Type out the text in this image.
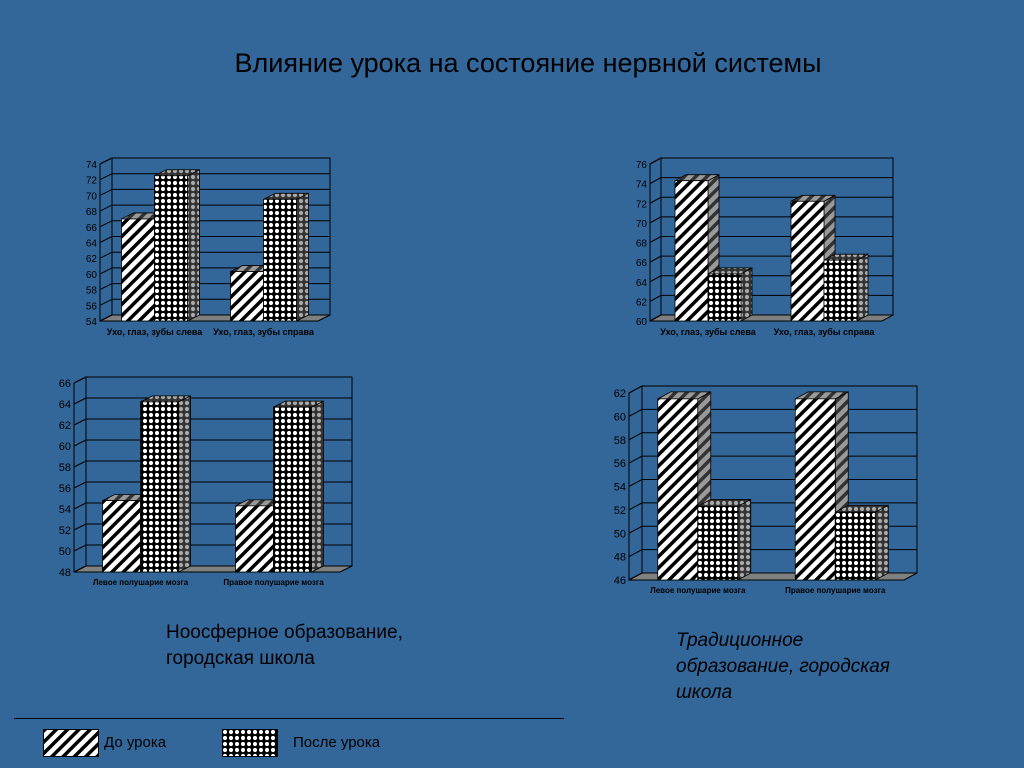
Влияние урока на состояние нервной системы
54
56
58
60
62
64
66
68
70
72
74
Ухо, глаз, зубы слева Ухо, глаз, зубы справа
60
62
64
66
68
70
72
74
76
Ухо, глаз, зубы слева Ухо, глаз, зубы справа
48
50
52
54
56
58
60
62
64
66
Левое полушарие мозга	Правое полушарие мозга	46
48
50
52
54
56
58
60
62
Левое полушарие мозга	Правое полушарие мозга
Ноосферное образование, городская школа
Традиционное образование, городская школа
До урока	После урока
